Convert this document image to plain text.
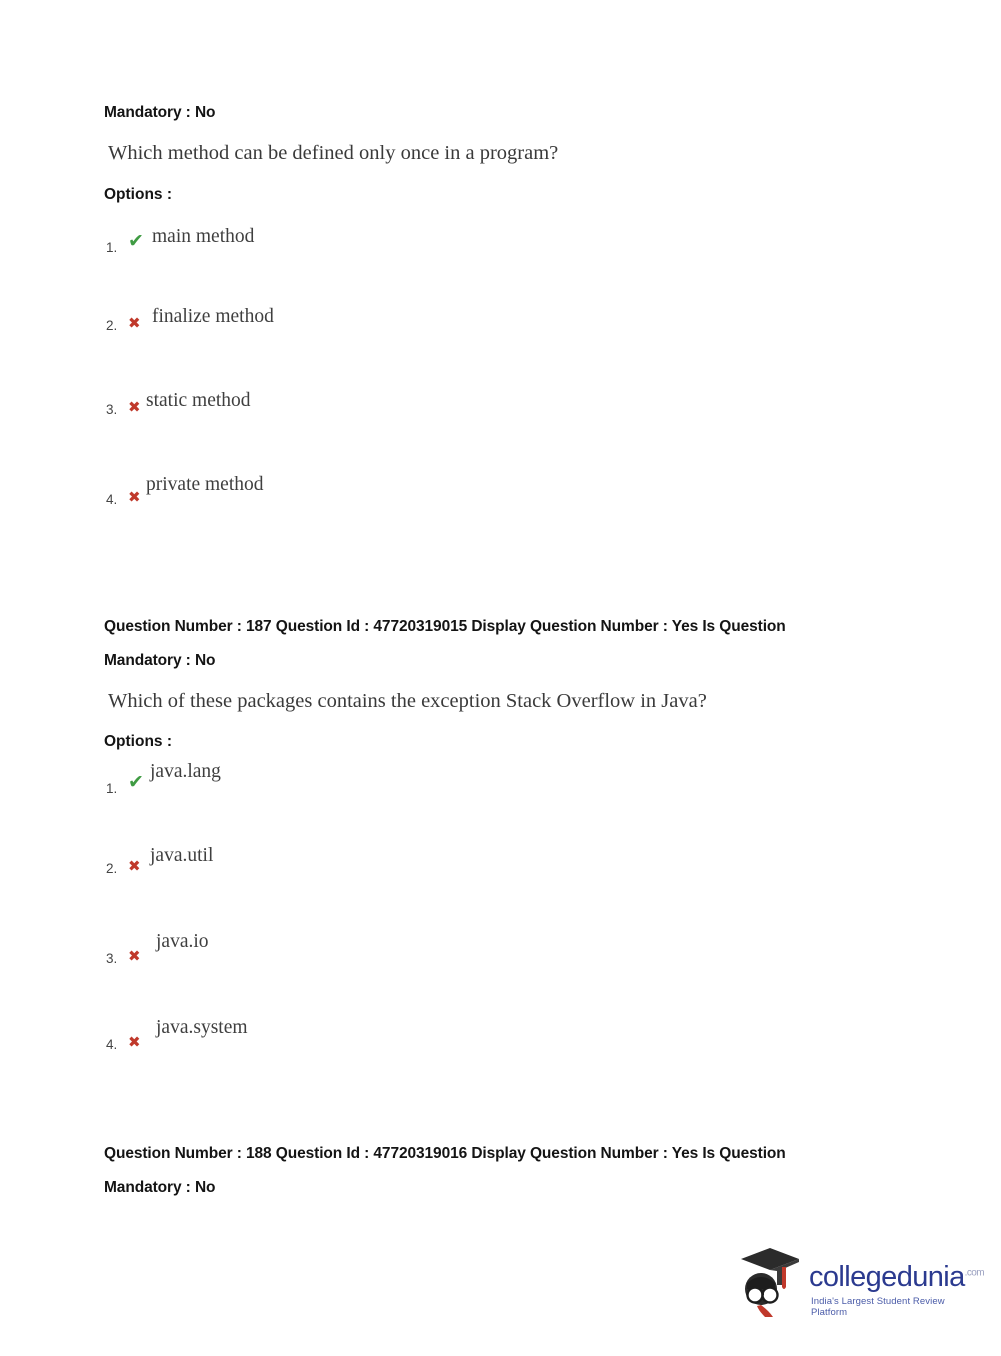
Mandatory : No
Which method can be defined only once in a program?
Options :
1. ✔ main method
2. ✖ finalize method
3. ✖ static method
4. ✖
private method
Question Number : 187 Question Id : 47720319015 Display Question Number : Yes Is Question
Mandatory : No
Which of these packages contains the exception Stack Overflow in Java?
Options :
1. ✔
java.lang
2. ✖
java.util
3. ✖
java.io
4. ✖
java.system
Question Number : 188 Question Id : 47720319016 Display Question Number : Yes Is Question
Mandatory : No
collegedunia$^{.com}$
India's Largest Student Review Platform
